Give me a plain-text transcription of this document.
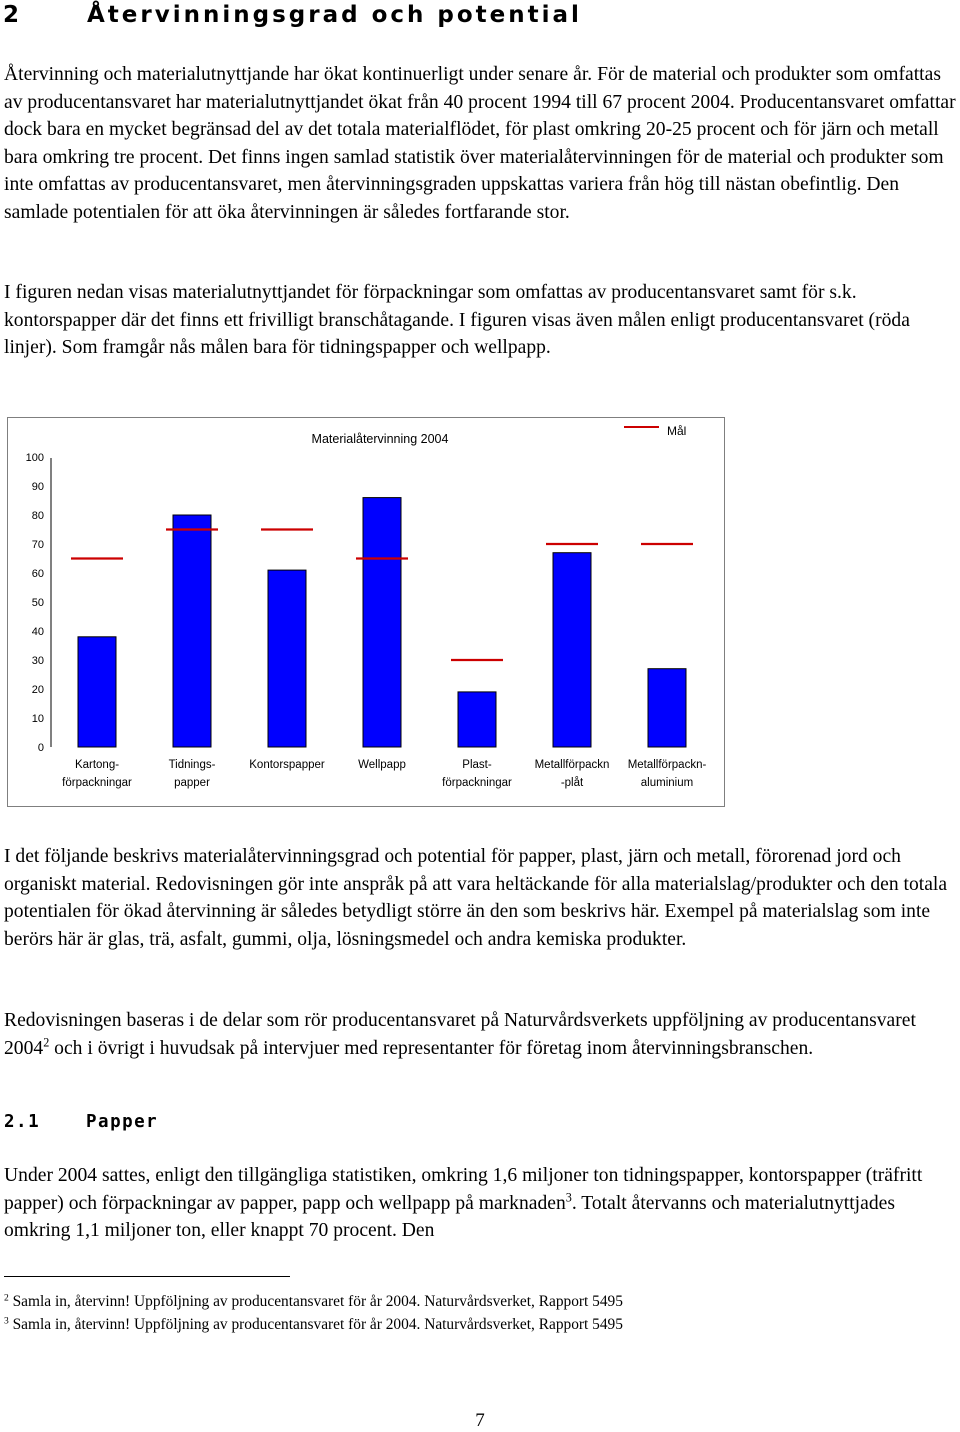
2	Återvinningsgrad och potential

Återvinning och materialutnyttjande har ökat kontinuerligt under senare år. För de material och produkter som omfattas av producentansvaret har materialutnyttjandet ökat från 40 procent 1994 till 67 procent 2004. Producentansvaret omfattar dock bara en mycket begränsad del av det totala materialflödet, för plast omkring 20-25 procent och för järn och metall bara omkring tre procent. Det finns ingen samlad statistik över materialåtervinningen för de material och produkter som inte omfattas av producentansvaret, men återvinningsgraden uppskattas variera från hög till nästan obefintlig. Den samlade potentialen för att öka återvinningen är således fortfarande stor.

I figuren nedan visas materialutnyttjandet för förpackningar som omfattas av producentansvaret samt för s.k. kontorspapper där det finns ett frivilligt branschåtagande. I figuren visas även målen enligt producentansvaret (röda linjer). Som framgår nås målen bara för tidningspapper och wellpapp.

Materialåtervinning 2004
Mål
0
10
20
30
40
50
60
70
80
90
100
Kartong-
förpackningar
Tidnings-
papper
Kontorspapper	Wellpapp	Plast-
förpackningar
Metallförpackn
-plåt
Metallförpackn-
aluminium

I det följande beskrivs materialåtervinningsgrad och potential för papper, plast, järn och metall, förorenad jord och organiskt material. Redovisningen gör inte anspråk på att vara heltäckande för alla materialslag/produkter och den totala potentialen för ökad återvinning är således betydligt större än den som beskrivs här. Exempel på materialslag som inte berörs här är glas, trä, asfalt, gummi, olja, lösningsmedel och andra kemiska produkter.

Redovisningen baseras i de delar som rör producentansvaret på Naturvårdsverkets uppföljning av producentansvaret 2004$^2$ och i övrigt i huvudsak på intervjuer med representanter för företag inom återvinningsbranschen.

2.1	Papper

Under 2004 sattes, enligt den tillgängliga statistiken, omkring 1,6 miljoner ton tidningspapper, kontorspapper (träfritt papper) och förpackningar av papper, papp och wellpapp på marknaden$^3$. Totalt återvanns och materialutnyttjades omkring 1,1 miljoner ton, eller knappt 70 procent. Den

$^2$ Samla in, återvinn! Uppföljning av producentansvaret för år 2004. Naturvårdsverket, Rapport 5495
$^3$ Samla in, återvinn! Uppföljning av producentansvaret för år 2004. Naturvårdsverket, Rapport 5495
7
